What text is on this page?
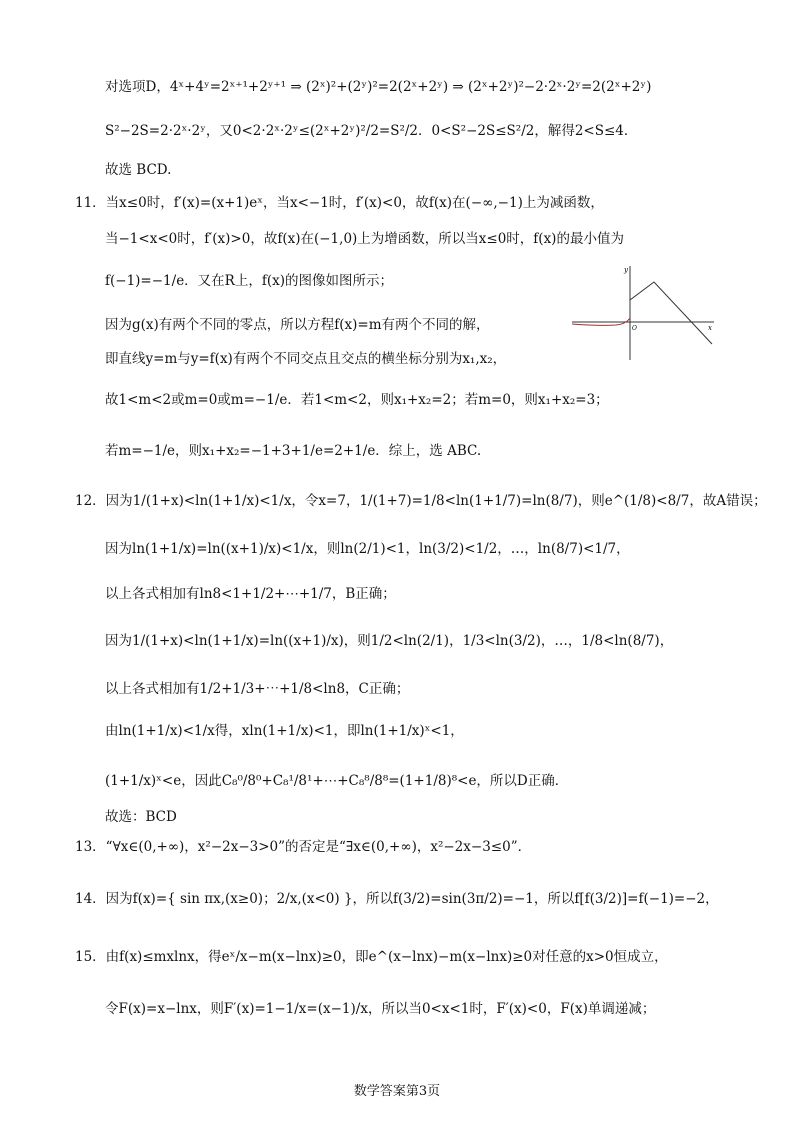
对选项D，4ˣ+4ʸ=2ˣ⁺¹+2ʸ⁺¹ ⇒ (2ˣ)²+(2ʸ)²=2(2ˣ+2ʸ) ⇒ (2ˣ+2ʸ)²−2·2ˣ·2ʸ=2(2ˣ+2ʸ)
S²−2S=2·2ˣ·2ʸ，又0<2·2ˣ·2ʸ≤(2ˣ+2ʸ)²/2=S²/2．0<S²−2S≤S²/2，解得2<S≤4．
故选 BCD.
11．当x≤0时，f′(x)=(x+1)eˣ，当x<−1时，f′(x)<0，故f(x)在(−∞,−1)上为减函数，
当−1<x<0时，f′(x)>0，故f(x)在(−1,0)上为增函数，所以当x≤0时，f(x)的最小值为
f(−1)=−1/e．又在R上，f(x)的图像如图所示；
因为g(x)有两个不同的零点，所以方程f(x)=m有两个不同的解，
即直线y=m与y=f(x)有两个不同交点且交点的横坐标分别为x₁,x₂，
故1<m<2或m=0或m=−1/e．若1<m<2，则x₁+x₂=2；若m=0，则x₁+x₂=3；
若m=−1/e，则x₁+x₂=−1+3+1/e=2+1/e．综上，选 ABC.
12．因为1/(1+x)<ln(1+1/x)<1/x，令x=7，1/(1+7)=1/8<ln(1+1/7)=ln(8/7)，则e^(1/8)<8/7，故A错误；
因为ln(1+1/x)=ln((x+1)/x)<1/x，则ln(2/1)<1，ln(3/2)<1/2，…，ln(8/7)<1/7，
以上各式相加有ln8<1+1/2+⋯+1/7，B正确；
因为1/(1+x)<ln(1+1/x)=ln((x+1)/x)，则1/2<ln(2/1)，1/3<ln(3/2)，…，1/8<ln(8/7)，
以上各式相加有1/2+1/3+⋯+1/8<ln8，C正确；
由ln(1+1/x)<1/x得，xln(1+1/x)<1，即ln(1+1/x)ˣ<1，
(1+1/x)ˣ<e，因此C₈⁰/8⁰+C₈¹/8¹+⋯+C₈⁸/8⁸=(1+1/8)⁸<e，所以D正确．
故选：BCD
13．“∀x∈(0,+∞)，x²−2x−3>0”的否定是“∃x∈(0,+∞)，x²−2x−3≤0”．
14．因为f(x)={ sin πx,(x≥0)；2/x,(x<0) }，所以f(3/2)=sin(3π/2)=−1，所以f[f(3/2)]=f(−1)=−2，
15．由f(x)≤mxlnx，得eˣ/x−m(x−lnx)≥0，即e^(x−lnx)−m(x−lnx)≥0对任意的x>0恒成立，
令F(x)=x−lnx，则F′(x)=1−1/x=(x−1)/x，所以当0<x<1时，F′(x)<0，F(x)单调递减；
y
x
O
数学答案第3页
